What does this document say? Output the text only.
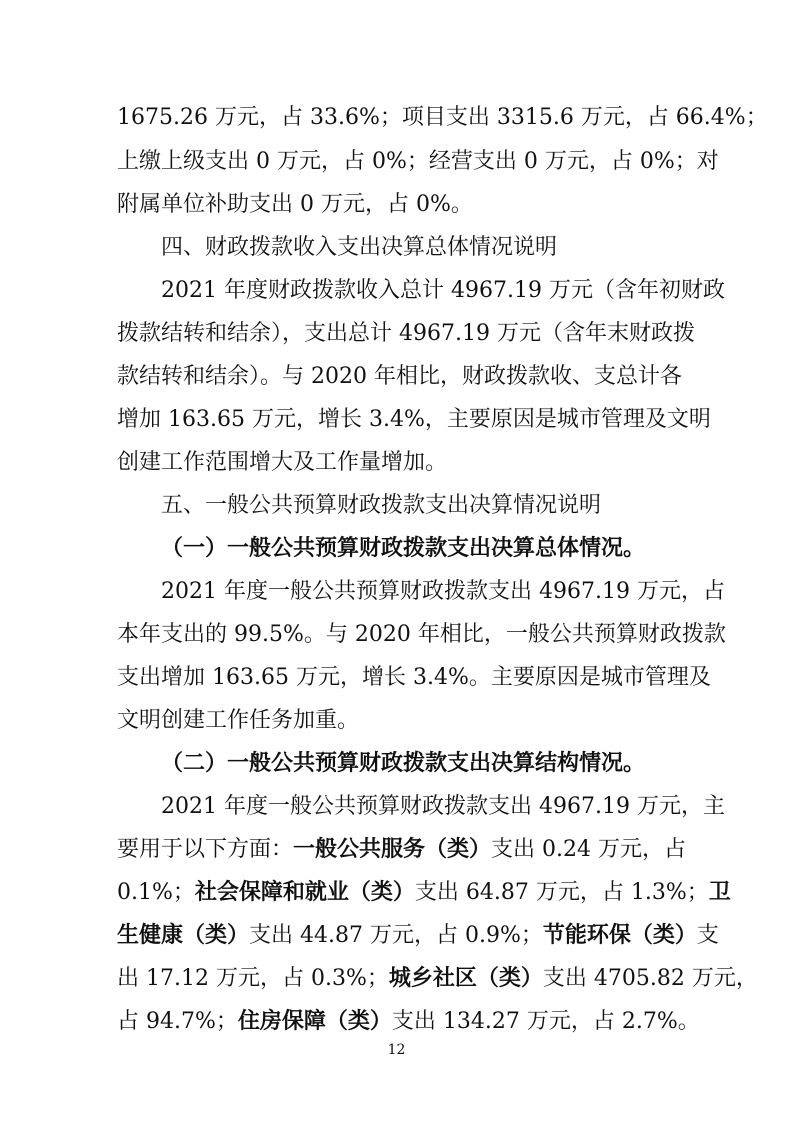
1675.26 万元，占 33.6%；项目支出 3315.6 万元，占 66.4%；
上缴上级支出 0 万元，占 0%；经营支出 0 万元，占 0%；对
附属单位补助支出 0 万元，占 0%。
四、财政拨款收入支出决算总体情况说明
2021 年度财政拨款收入总计 4967.19 万元（含年初财政
拨款结转和结余），支出总计 4967.19 万元（含年末财政拨
款结转和结余）。与 2020 年相比，财政拨款收、支总计各
增加 163.65 万元，增长 3.4%，主要原因是城市管理及文明
创建工作范围增大及工作量增加。
五、一般公共预算财政拨款支出决算情况说明
（一）一般公共预算财政拨款支出决算总体情况。
2021 年度一般公共预算财政拨款支出 4967.19 万元，占
本年支出的 99.5%。与 2020 年相比，一般公共预算财政拨款
支出增加 163.65 万元，增长 3.4%。主要原因是城市管理及
文明创建工作任务加重。
（二）一般公共预算财政拨款支出决算结构情况。
2021 年度一般公共预算财政拨款支出 4967.19 万元，主
要用于以下方面：一般公共服务（类）支出 0.24 万元，占
0.1%；社会保障和就业（类）支出 64.87 万元，占 1.3%；卫
生健康（类）支出 44.87 万元，占 0.9%；节能环保（类）支
出 17.12 万元，占 0.3%；城乡社区（类）支出 4705.82 万元，
占 94.7%；住房保障（类）支出 134.27 万元，占 2.7%。
12
